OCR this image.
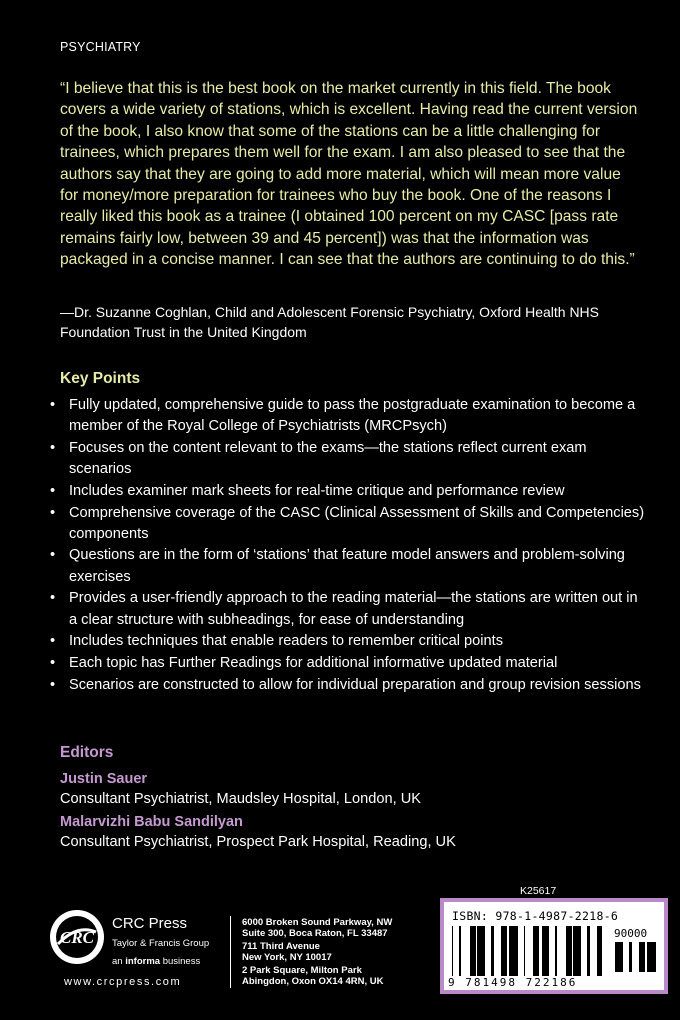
PSYCHIATRY
“I believe that this is the best book on the market currently in this field. The book covers a wide variety of stations, which is excellent. Having read the current version of the book, I also know that some of the stations can be a little challenging for trainees, which prepares them well for the exam. I am also pleased to see that the authors say that they are going to add more material, which will mean more value for money/more preparation for trainees who buy the book. One of the reasons I really liked this book as a trainee (I obtained 100 percent on my CASC [pass rate remains fairly low, between 39 and 45 percent]) was that the information was packaged in a concise manner. I can see that the authors are continuing to do this.”
—Dr. Suzanne Coghlan, Child and Adolescent Forensic Psychiatry, Oxford Health NHS Foundation Trust in the United Kingdom
Key Points
• Fully updated, comprehensive guide to pass the postgraduate examination to become a member of the Royal College of Psychiatrists (MRCPsych)
• Focuses on the content relevant to the exams—the stations reflect current exam scenarios
• Includes examiner mark sheets for real-time critique and performance review
• Comprehensive coverage of the CASC (Clinical Assessment of Skills and Competencies) components
• Questions are in the form of ‘stations’ that feature model answers and problem-solving exercises
• Provides a user-friendly approach to the reading material—the stations are written out in a clear structure with subheadings, for ease of understanding
• Includes techniques that enable readers to remember critical points
• Each topic has Further Readings for additional informative updated material
• Scenarios are constructed to allow for individual preparation and group revision sessions
Editors
Justin Sauer
Consultant Psychiatrist, Maudsley Hospital, London, UK
Malarvizhi Babu Sandilyan
Consultant Psychiatrist, Prospect Park Hospital, Reading, UK
CRC
CRC Press
Taylor & Francis Group
an informa business
www.crcpress.com
6000 Broken Sound Parkway, NW
Suite 300, Boca Raton, FL 33487
711 Third Avenue
New York, NY 10017
2 Park Square, Milton Park
Abingdon, Oxon OX14 4RN, UK
K25617
ISBN: 978-1-4987-2218-6
90000
9 781498 722186
